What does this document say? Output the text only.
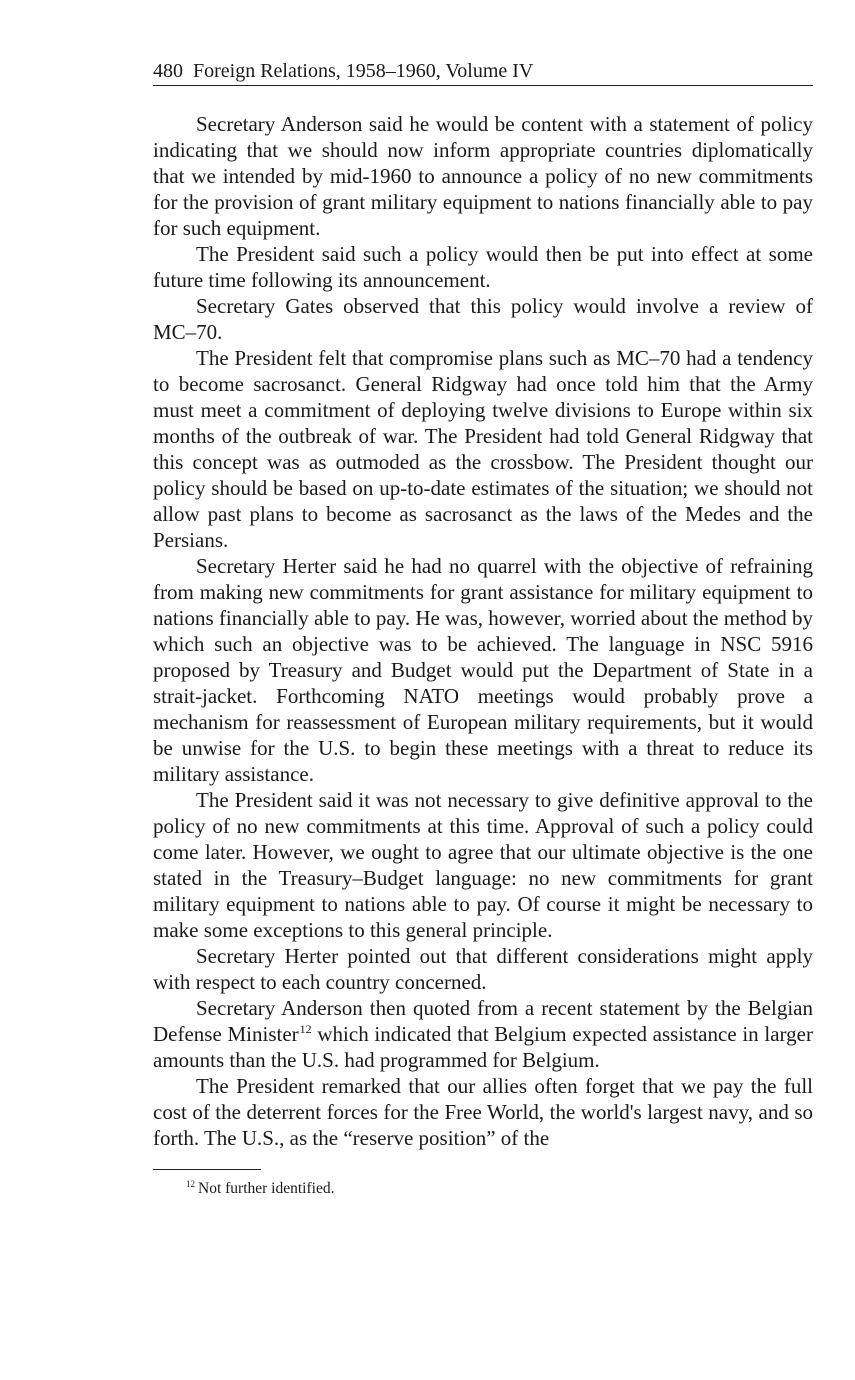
480 Foreign Relations, 1958–1960, Volume IV

Secretary Anderson said he would be content with a statement of policy indicating that we should now inform appropriate countries diplomatically that we intended by mid-1960 to announce a policy of no new commitments for the provision of grant military equipment to nations financially able to pay for such equipment.

The President said such a policy would then be put into effect at some future time following its announcement.

Secretary Gates observed that this policy would involve a review of MC–70.

The President felt that compromise plans such as MC–70 had a tendency to become sacrosanct. General Ridgway had once told him that the Army must meet a commitment of deploying twelve divisions to Europe within six months of the outbreak of war. The President had told General Ridgway that this concept was as outmoded as the crossbow. The President thought our policy should be based on up-to-date estimates of the situation; we should not allow past plans to become as sacrosanct as the laws of the Medes and the Persians.

Secretary Herter said he had no quarrel with the objective of refraining from making new commitments for grant assistance for military equipment to nations financially able to pay. He was, however, worried about the method by which such an objective was to be achieved. The language in NSC 5916 proposed by Treasury and Budget would put the Department of State in a strait-jacket. Forthcoming NATO meetings would probably prove a mechanism for reassessment of European military requirements, but it would be unwise for the U.S. to begin these meetings with a threat to reduce its military assistance.

The President said it was not necessary to give definitive approval to the policy of no new commitments at this time. Approval of such a policy could come later. However, we ought to agree that our ultimate objective is the one stated in the Treasury–Budget language: no new commitments for grant military equipment to nations able to pay. Of course it might be necessary to make some exceptions to this general principle.

Secretary Herter pointed out that different considerations might apply with respect to each country concerned.

Secretary Anderson then quoted from a recent statement by the Belgian Defense Minister$^{12}$ which indicated that Belgium expected assistance in larger amounts than the U.S. had programmed for Belgium.

The President remarked that our allies often forget that we pay the full cost of the deterrent forces for the Free World, the world's largest navy, and so forth. The U.S., as the “reserve position” of the

$^{12}$ Not further identified.
